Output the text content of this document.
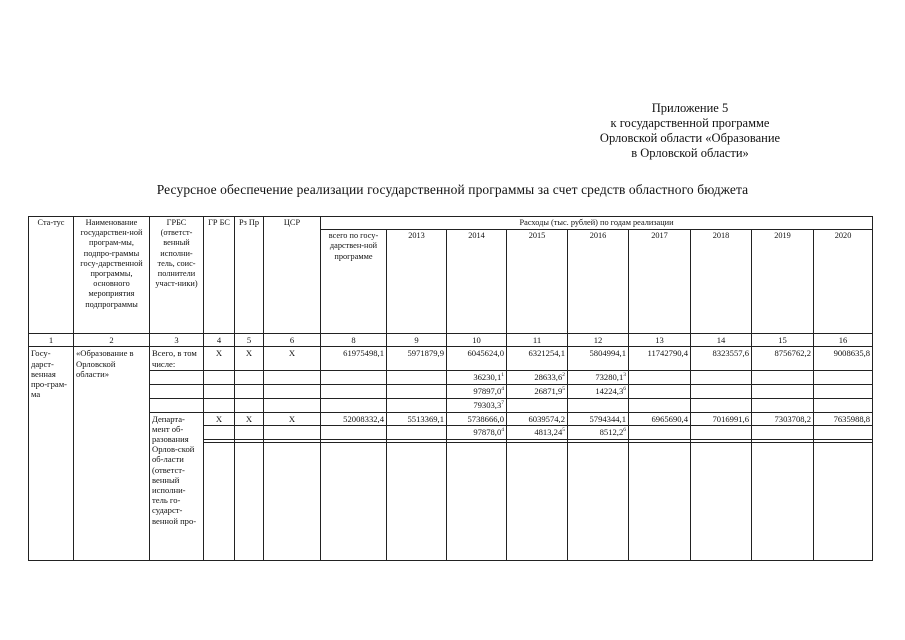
Приложение 5
к государственной программе
Орловской области «Образование
в Орловской области»
Ресурсное обеспечение реализации государственной программы за счет средств областного бюджета
Ста-тус	Наименование государствен-ной програм-мы, подпро-граммы госу-дарственной программы, основного мероприятия подпрограммы	ГРБС (ответст-венный исполни-тель, соис-полнители участ-ники)	ГР БС	Рз Пр	ЦСР	Расходы (тыс. рублей) по годам реализации								
						всего по госу-дарствен-ной программе	2013	2014	2015	2016	2017	2018	2019	2020
1	2	3	4	5	6	8	9	10	11	12	13	14	15	16
Госу-дарст-венная про-грам-ма	«Образование в Орловской области»	Всего, в том числе:	X	X	X	61975498,1	5971879,9	6045624,0	6321254,1	5804994,1	11742790,4	8323557,6	8756762,2	9008635,8
								36230,1$^1$	28633,6$^2$	73280,1$^3$				
								97897,0$^4$	26871,9$^5$	14224,3$^6$				
								79303,3$^7$						
		Департа-мент об-разования Орлов-ской об-ласти (ответст-венный исполни-тель го-сударст-венной про-	X	X	X	52008332,4	5513369,1	5738666,0	6039574,2	5794344,1	6965690,4	7016991,6	7303708,2	7635988,8
								97878,0$^4$	4813,24$^5$	8512,2$^6$				
